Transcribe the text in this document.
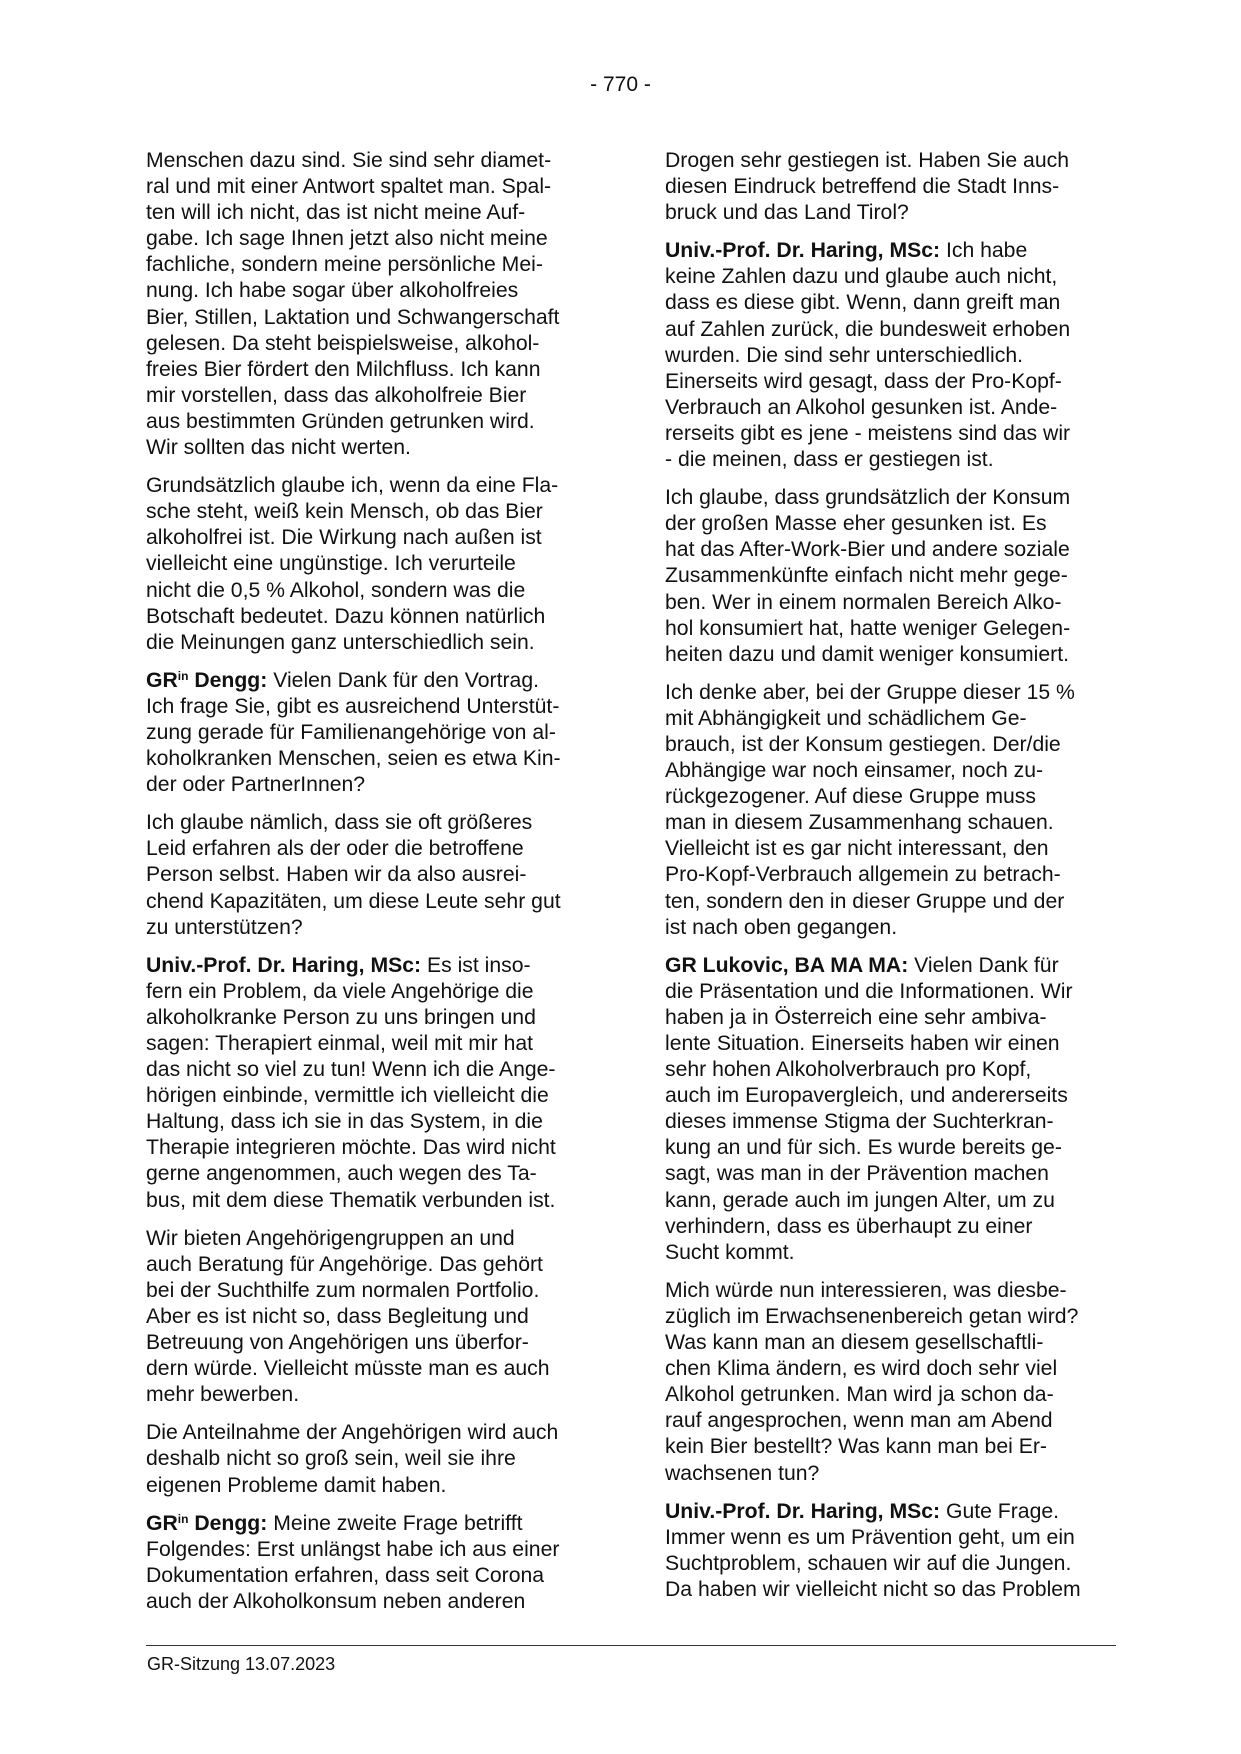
- 770 -

Menschen dazu sind. Sie sind sehr diamet-
ral und mit einer Antwort spaltet man. Spal-
ten will ich nicht, das ist nicht meine Auf-
gabe. Ich sage Ihnen jetzt also nicht meine
fachliche, sondern meine persönliche Mei-
nung. Ich habe sogar über alkoholfreies
Bier, Stillen, Laktation und Schwangerschaft
gelesen. Da steht beispielsweise, alkohol-
freies Bier fördert den Milchfluss. Ich kann
mir vorstellen, dass das alkoholfreie Bier
aus bestimmten Gründen getrunken wird.
Wir sollten das nicht werten.

Grundsätzlich glaube ich, wenn da eine Fla-
sche steht, weiß kein Mensch, ob das Bier
alkoholfrei ist. Die Wirkung nach außen ist
vielleicht eine ungünstige. Ich verurteile
nicht die 0,5 % Alkohol, sondern was die
Botschaft bedeutet. Dazu können natürlich
die Meinungen ganz unterschiedlich sein.

$GR^{in}$ Dengg: Vielen Dank für den Vortrag.
Ich frage Sie, gibt es ausreichend Unterstüt-
zung gerade für Familienangehörige von al-
koholkranken Menschen, seien es etwa Kin-
der oder PartnerInnen?

Ich glaube nämlich, dass sie oft größeres
Leid erfahren als der oder die betroffene
Person selbst. Haben wir da also ausrei-
chend Kapazitäten, um diese Leute sehr gut
zu unterstützen?

Univ.-Prof. Dr. Haring, MSc: Es ist inso-
fern ein Problem, da viele Angehörige die
alkoholkranke Person zu uns bringen und
sagen: Therapiert einmal, weil mit mir hat
das nicht so viel zu tun! Wenn ich die Ange-
hörigen einbinde, vermittle ich vielleicht die
Haltung, dass ich sie in das System, in die
Therapie integrieren möchte. Das wird nicht
gerne angenommen, auch wegen des Ta-
bus, mit dem diese Thematik verbunden ist.

Wir bieten Angehörigengruppen an und
auch Beratung für Angehörige. Das gehört
bei der Suchthilfe zum normalen Portfolio.
Aber es ist nicht so, dass Begleitung und
Betreuung von Angehörigen uns überfor-
dern würde. Vielleicht müsste man es auch
mehr bewerben.

Die Anteilnahme der Angehörigen wird auch
deshalb nicht so groß sein, weil sie ihre
eigenen Probleme damit haben.

$GR^{in}$ Dengg: Meine zweite Frage betrifft
Folgendes: Erst unlängst habe ich aus einer
Dokumentation erfahren, dass seit Corona
auch der Alkoholkonsum neben anderen

Drogen sehr gestiegen ist. Haben Sie auch
diesen Eindruck betreffend die Stadt Inns-
bruck und das Land Tirol?

Univ.-Prof. Dr. Haring, MSc: Ich habe
keine Zahlen dazu und glaube auch nicht,
dass es diese gibt. Wenn, dann greift man
auf Zahlen zurück, die bundesweit erhoben
wurden. Die sind sehr unterschiedlich.
Einerseits wird gesagt, dass der Pro-Kopf-
Verbrauch an Alkohol gesunken ist. Ande-
rerseits gibt es jene - meistens sind das wir
- die meinen, dass er gestiegen ist.

Ich glaube, dass grundsätzlich der Konsum
der großen Masse eher gesunken ist. Es
hat das After-Work-Bier und andere soziale
Zusammenkünfte einfach nicht mehr gege-
ben. Wer in einem normalen Bereich Alko-
hol konsumiert hat, hatte weniger Gelegen-
heiten dazu und damit weniger konsumiert.

Ich denke aber, bei der Gruppe dieser 15 %
mit Abhängigkeit und schädlichem Ge-
brauch, ist der Konsum gestiegen. Der/die
Abhängige war noch einsamer, noch zu-
rückgezogener. Auf diese Gruppe muss
man in diesem Zusammenhang schauen.
Vielleicht ist es gar nicht interessant, den
Pro-Kopf-Verbrauch allgemein zu betrach-
ten, sondern den in dieser Gruppe und der
ist nach oben gegangen.

GR Lukovic, BA MA MA: Vielen Dank für
die Präsentation und die Informationen. Wir
haben ja in Österreich eine sehr ambiva-
lente Situation. Einerseits haben wir einen
sehr hohen Alkoholverbrauch pro Kopf,
auch im Europavergleich, und andererseits
dieses immense Stigma der Suchterkran-
kung an und für sich. Es wurde bereits ge-
sagt, was man in der Prävention machen
kann, gerade auch im jungen Alter, um zu
verhindern, dass es überhaupt zu einer
Sucht kommt.

Mich würde nun interessieren, was diesbe-
züglich im Erwachsenenbereich getan wird?
Was kann man an diesem gesellschaftli-
chen Klima ändern, es wird doch sehr viel
Alkohol getrunken. Man wird ja schon da-
rauf angesprochen, wenn man am Abend
kein Bier bestellt? Was kann man bei Er-
wachsenen tun?

Univ.-Prof. Dr. Haring, MSc: Gute Frage.
Immer wenn es um Prävention geht, um ein
Suchtproblem, schauen wir auf die Jungen.
Da haben wir vielleicht nicht so das Problem

GR-Sitzung 13.07.2023
